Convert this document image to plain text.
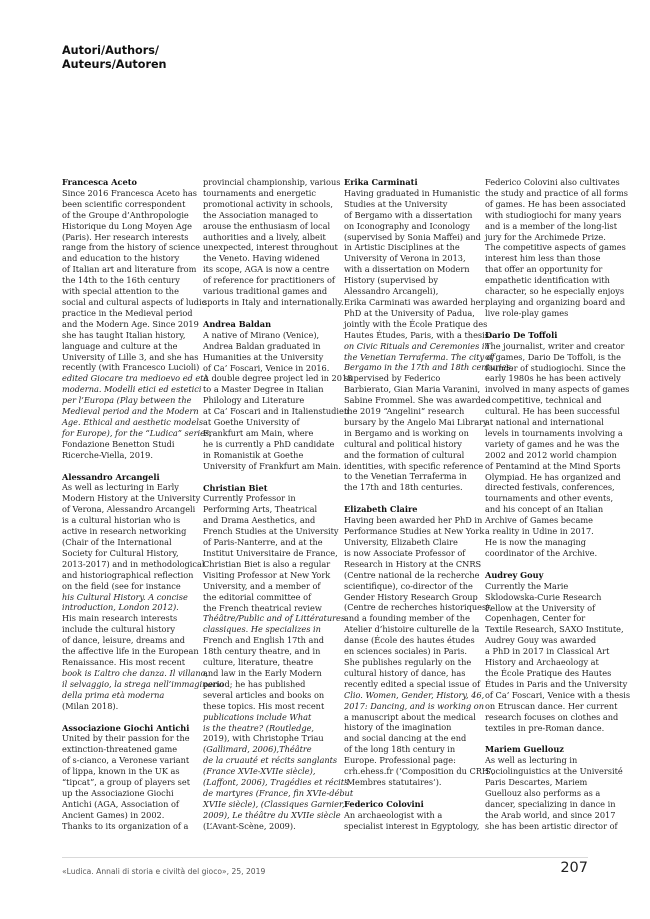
Autori/Authors/
Auteurs/Autoren
Francesca Aceto
Since 2016 Francesca Aceto has
been scientific correspondent
of the Groupe d’Anthropologie
Historique du Long Moyen Age
(Paris). Her research interests
range from the history of science
and education to the history
of Italian art and literature from
the 14th to the 16th century
with special attention to the
social and cultural aspects of ludic
practice in the Medieval period
and the Modern Age. Since 2019
she has taught Italian history,
language and culture at the
University of Lille 3, and she has
recently (with Francesco Lucioli)
edited Giocare tra medioevo ed età
moderna. Modelli etici ed estetici
per l’Europa (Play between the
Medieval period and the Modern
Age. Ethical and aesthetic models
for Europe), for the “Ludica” series,
Fondazione Benetton Studi
Ricerche-Viella, 2019.
Alessandro Arcangeli
As well as lecturing in Early
Modern History at the University
of Verona, Alessandro Arcangeli
is a cultural historian who is
active in research networking
(Chair of the International
Society for Cultural History,
2013-2017) and in methodological
and historiographical reflection
on the field (see for instance
his Cultural History. A concise
introduction, London 2012).
His main research interests
include the cultural history
of dance, leisure, dreams and
the affective life in the European
Renaissance. His most recent
book is L’altro che danza. Il villano,
il selvaggio, la strega nell’immaginario
della prima età moderna
(Milan 2018).
Associazione Giochi Antichi
United by their passion for the
extinction-threatened game
of s-cianco, a Veronese variant
of lippa, known in the UK as
“tipcat”, a group of players set
up the Associazione Giochi
Antichi (AGA, Association of
Ancient Games) in 2002.
Thanks to its organization of a
provincial championship, various
tournaments and energetic
promotional activity in schools,
the Association managed to
arouse the enthusiasm of local
authorities and a lively, albeit
unexpected, interest throughout
the Veneto. Having widened
its scope, AGA is now a centre
of reference for practitioners of
various traditional games and
sports in Italy and internationally.
Andrea Baldan
A native of Mirano (Venice),
Andrea Baldan graduated in
Humanities at the University
of Ca’ Foscari, Venice in 2016.
A double degree project led in 2018
to a Master Degree in Italian
Philology and Literature
at Ca’ Foscari and in Italienstudien
at Goethe University of
Frankfurt am Main, where
he is currently a PhD candidate
in Romanistik at Goethe
University of Frankfurt am Main.
Christian Biet
Currently Professor in
Performing Arts, Theatrical
and Drama Aesthetics, and
French Studies at the University
of Paris-Nanterre, and at the
Institut Universitaire de France,
Christian Biet is also a regular
Visiting Professor at New York
University, and a member of
the editorial committee of
the French theatrical review
Théâtre/Public and of Littératures
classiques. He specializes in
French and English 17th and
18th century theatre, and in
culture, literature, theatre
and law in the Early Modern
period; he has published
several articles and books on
these topics. His most recent
publications include What
is the theatre? (Routledge,
2019), with Christophe Triau
(Gallimard, 2006),Théâtre
de la cruauté et récits sanglants
(France XVIe-XVIIe siècle),
(Laffont, 2006), Tragédies et récits
de martyres (France, fin XVIe-début
XVIIe siècle), (Classiques Garnier,
2009), Le théâtre du XVIIe siècle
(L’Avant-Scène, 2009).
Erika Carminati
Having graduated in Humanistic
Studies at the University
of Bergamo with a dissertation
on Iconography and Iconology
(supervised by Sonia Maffei) and
in Artistic Disciplines at the
University of Verona in 2013,
with a dissertation on Modern
History (supervised by
Alessandro Arcangeli),
Erika Carminati was awarded her
PhD at the University of Padua,
jointly with the École Pratique des
Hautes Études, Paris, with a thesis
on Civic Rituals and Ceremonies in
the Venetian Terraferma. The city of
Bergamo in the 17th and 18th centuries,
supervised by Federico
Barbierato, Gian Maria Varanini,
Sabine Frommel. She was awarded
the 2019 “Angelini” research
bursary by the Angelo Mai Library
in Bergamo and is working on
cultural and political history
and the formation of cultural
identities, with specific reference
to the Venetian Terraferma in
the 17th and 18th centuries.
Elizabeth Claire
Having been awarded her PhD in
Performance Studies at New York
University, Elizabeth Claire
is now Associate Professor of
Research in History at the CNRS
(Centre national de la recherche
scientifique), co-director of the
Gender History Research Group
(Centre de recherches historiques),
and a founding member of the
Atelier d’histoire culturelle de la
danse (École des hautes études
en sciences sociales) in Paris.
She publishes regularly on the
cultural history of dance, has
recently edited a special issue of
Clio. Women, Gender, History, 46,
2017: Dancing, and is working on
a manuscript about the medical
history of the imagination
and social dancing at the end
of the long 18th century in
Europe. Professional page:
crh.ehess.fr (‘Composition du CRH’,
‘Membres statutaires’).
Federico Colovini
An archaeologist with a
specialist interest in Egyptology,
Federico Colovini also cultivates
the study and practice of all forms
of games. He has been associated
with studiogiochi for many years
and is a member of the long-list
jury for the Archimede Prize.
The competitive aspects of games
interest him less than those
that offer an opportunity for
empathetic identification with
character, so he especially enjoys
playing and organizing board and
live role-play games
Dario De Toffoli
The journalist, writer and creator
of games, Dario De Toffoli, is the
founder of studiogiochi. Since the
early 1980s he has been actively
involved in many aspects of games
– competitive, technical and
cultural. He has been successful
at national and international
levels in tournaments involving a
variety of games and he was the
2002 and 2012 world champion
of Pentamind at the Mind Sports
Olympiad. He has organized and
directed festivals, conferences,
tournaments and other events,
and his concept of an Italian
Archive of Games became
a reality in Udine in 2017.
He is now the managing
coordinator of the Archive.
Audrey Gouy
Currently the Marie
Sklodowska-Curie Research
Fellow at the University of
Copenhagen, Center for
Textile Research, SAXO Institute,
Audrey Gouy was awarded
a PhD in 2017 in Classical Art
History and Archaeology at
the École Pratique des Hautes
Études in Paris and the University
of Ca’ Foscari, Venice with a thesis
on Etruscan dance. Her current
research focuses on clothes and
textiles in pre-Roman dance.
Mariem Guellouz
As well as lecturing in
Sociolinguistics at the Université
Paris Descartes, Mariem
Guellouz also performs as a
dancer, specializing in dance in
the Arab world, and since 2017
she has been artistic director of
«Ludica. Annali di storia e civiltà del gioco», 25, 2019	207
